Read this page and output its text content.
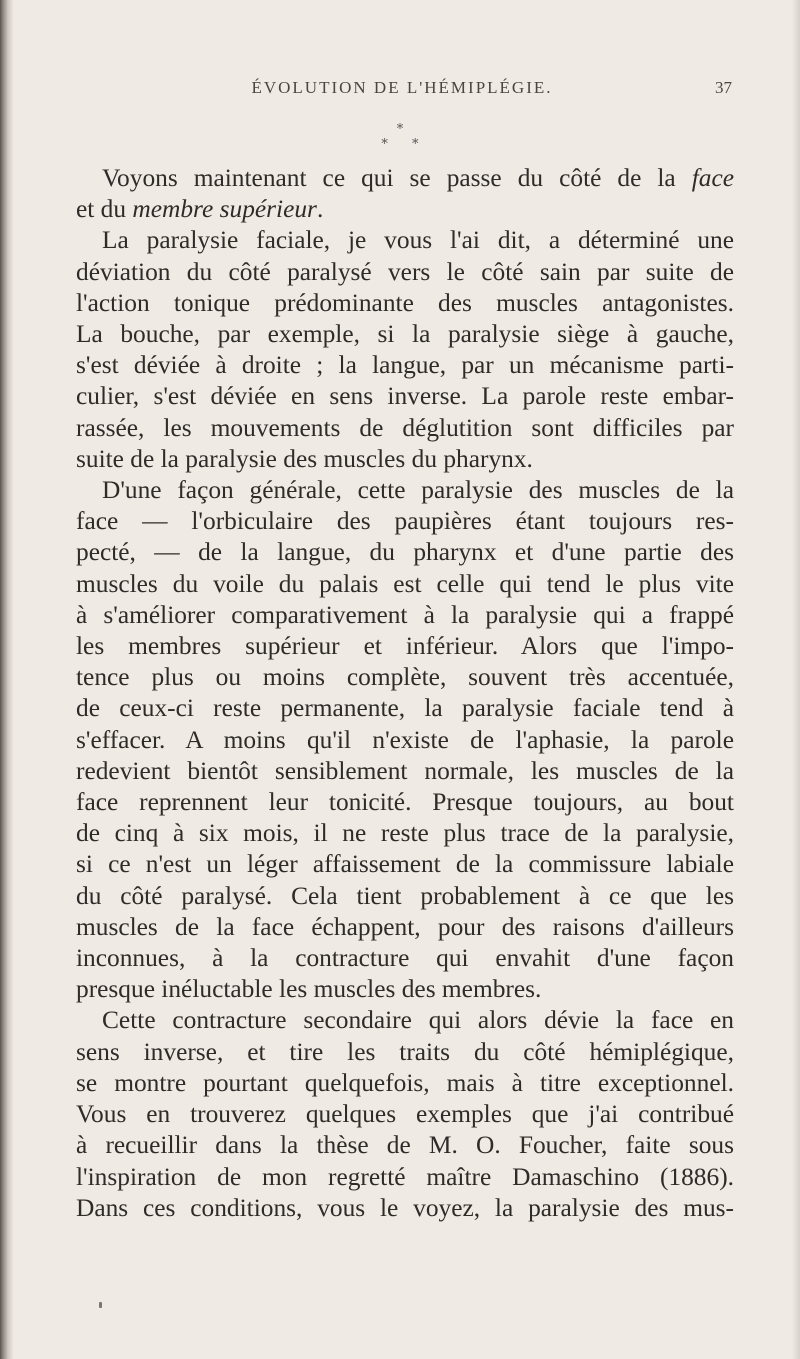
ÉVOLUTION DE L'HÉMIPLÉGIE.	37
*
* *
Voyons maintenant ce qui se passe du côté de la face
et du membre supérieur.
La paralysie faciale, je vous l'ai dit, a déterminé une
déviation du côté paralysé vers le côté sain par suite de
l'action tonique prédominante des muscles antagonistes.
La bouche, par exemple, si la paralysie siège à gauche,
s'est déviée à droite ; la langue, par un mécanisme parti-
culier, s'est déviée en sens inverse. La parole reste embar-
rassée, les mouvements de déglutition sont difficiles par
suite de la paralysie des muscles du pharynx.
D'une façon générale, cette paralysie des muscles de la
face — l'orbiculaire des paupières étant toujours res-
pecté, — de la langue, du pharynx et d'une partie des
muscles du voile du palais est celle qui tend le plus vite
à s'améliorer comparativement à la paralysie qui a frappé
les membres supérieur et inférieur. Alors que l'impo-
tence plus ou moins complète, souvent très accentuée,
de ceux-ci reste permanente, la paralysie faciale tend à
s'effacer. A moins qu'il n'existe de l'aphasie, la parole
redevient bientôt sensiblement normale, les muscles de la
face reprennent leur tonicité. Presque toujours, au bout
de cinq à six mois, il ne reste plus trace de la paralysie,
si ce n'est un léger affaissement de la commissure labiale
du côté paralysé. Cela tient probablement à ce que les
muscles de la face échappent, pour des raisons d'ailleurs
inconnues, à la contracture qui envahit d'une façon
presque inéluctable les muscles des membres.
Cette contracture secondaire qui alors dévie la face en
sens inverse, et tire les traits du côté hémiplégique,
se montre pourtant quelquefois, mais à titre exceptionnel.
Vous en trouverez quelques exemples que j'ai contribué
à recueillir dans la thèse de M. O. Foucher, faite sous
l'inspiration de mon regretté maître Damaschino (1886).
Dans ces conditions, vous le voyez, la paralysie des mus-
